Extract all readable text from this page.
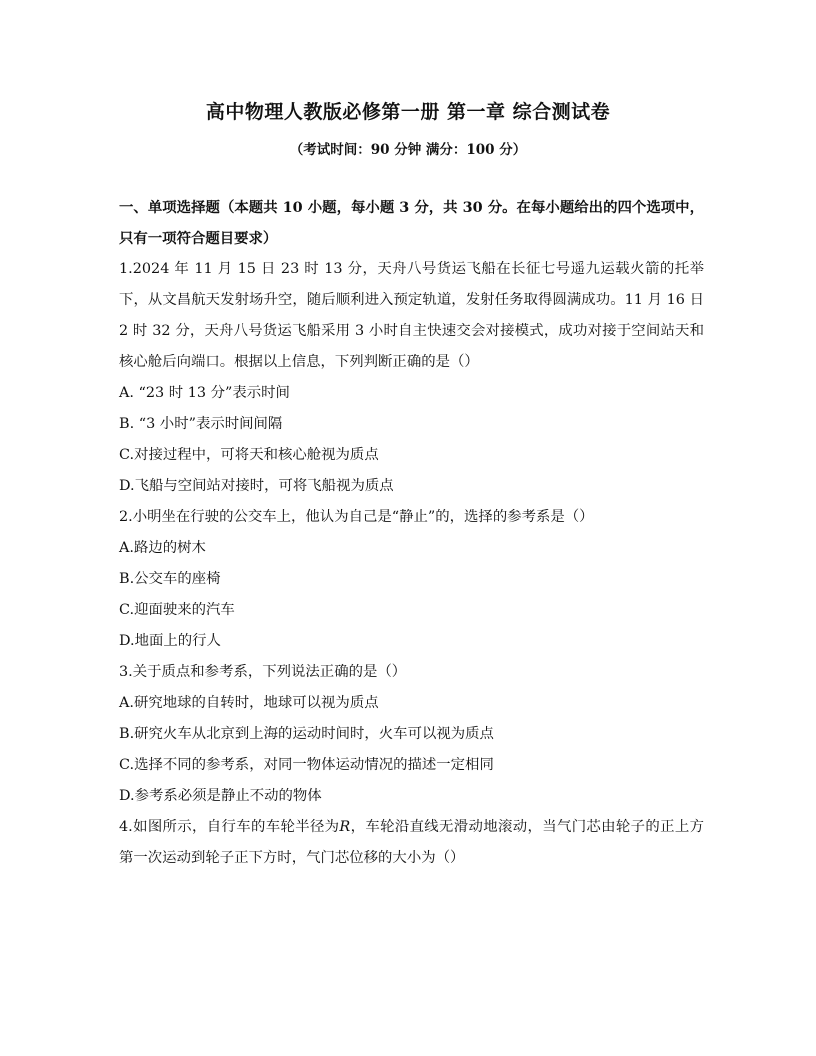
高中物理人教版必修第一册 第一章 综合测试卷
（考试时间：90 分钟 满分：100 分）
一、单项选择题（本题共 10 小题，每小题 3 分，共 30 分。在每小题给出的四个选项中，只有一项符合题目要求）
1.2024 年 11 月 15 日 23 时 13 分，天舟八号货运飞船在长征七号遥九运载火箭的托举下，从文昌航天发射场升空，随后顺利进入预定轨道，发射任务取得圆满成功。11 月 16 日 2 时 32 分，天舟八号货运飞船采用 3 小时自主快速交会对接模式，成功对接于空间站天和核心舱后向端口。根据以上信息，下列判断正确的是（）
A. “23 时 13 分”表示时间
B. “3 小时”表示时间间隔
C.对接过程中，可将天和核心舱视为质点
D.飞船与空间站对接时，可将飞船视为质点
2.小明坐在行驶的公交车上，他认为自己是“静止”的，选择的参考系是（）
A.路边的树木
B.公交车的座椅
C.迎面驶来的汽车
D.地面上的行人
3.关于质点和参考系，下列说法正确的是（）
A.研究地球的自转时，地球可以视为质点
B.研究火车从北京到上海的运动时间时，火车可以视为质点
C.选择不同的参考系，对同一物体运动情况的描述一定相同
D.参考系必须是静止不动的物体
4.如图所示，自行车的车轮半径为R，车轮沿直线无滑动地滚动，当气门芯由轮子的正上方第一次运动到轮子正下方时，气门芯位移的大小为（）
